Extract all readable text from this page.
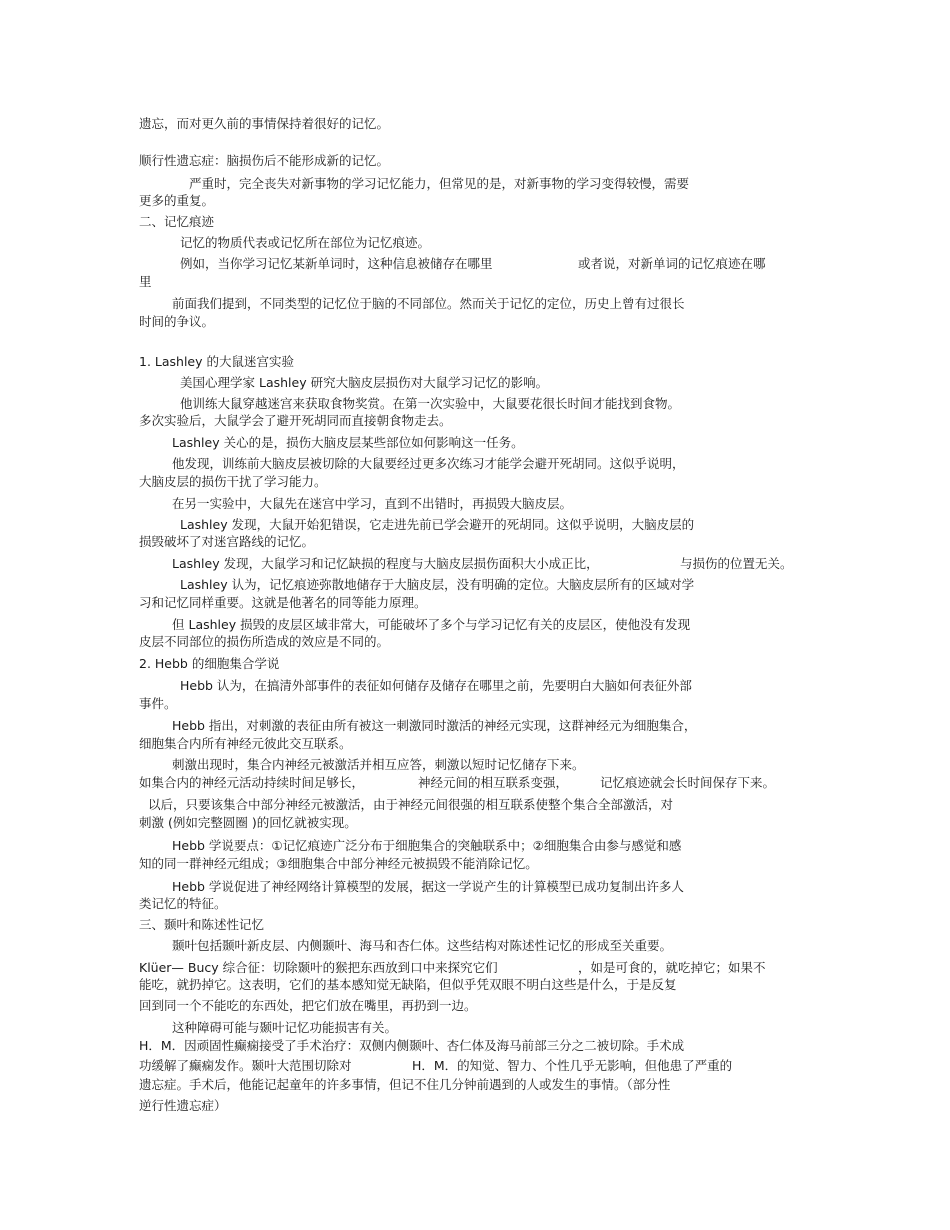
遗忘，而对更久前的事情保持着很好的记忆。
顺行性遗忘症：脑损伤后不能形成新的记忆。
严重时，完全丧失对新事物的学习记忆能力，但常见的是，对新事物的学习变得较慢，需要
更多的重复。
二、记忆痕迹
记忆的物质代表或记忆所在部位为记忆痕迹。
例如，当你学习记忆某新单词时，这种信息被储存在哪里	或者说，对新单词的记忆痕迹在哪
里
前面我们提到，不同类型的记忆位于脑的不同部位。然而关于记忆的定位，历史上曾有过很长
时间的争议。
1. Lashley 的大鼠迷宫实验
美国心理学家 Lashley 研究大脑皮层损伤对大鼠学习记忆的影响。
他训练大鼠穿越迷宫来获取食物奖赏。在第一次实验中，大鼠要花很长时间才能找到食物。
多次实验后，大鼠学会了避开死胡同而直接朝食物走去。
Lashley 关心的是，损伤大脑皮层某些部位如何影响这一任务。
他发现，训练前大脑皮层被切除的大鼠要经过更多次练习才能学会避开死胡同。这似乎说明，
大脑皮层的损伤干扰了学习能力。
在另一实验中，大鼠先在迷宫中学习，直到不出错时，再损毁大脑皮层。
Lashley 发现，大鼠开始犯错误，它走进先前已学会避开的死胡同。这似乎说明，大脑皮层的
损毁破坏了对迷宫路线的记忆。
Lashley 发现，大鼠学习和记忆缺损的程度与大脑皮层损伤面积大小成正比，	与损伤的位置无关。
Lashley 认为，记忆痕迹弥散地储存于大脑皮层，没有明确的定位。大脑皮层所有的区域对学
习和记忆同样重要。这就是他著名的同等能力原理。
但 Lashley 损毁的皮层区域非常大，可能破坏了多个与学习记忆有关的皮层区，使他没有发现
皮层不同部位的损伤所造成的效应是不同的。
2. Hebb 的细胞集合学说
Hebb 认为，在搞清外部事件的表征如何储存及储存在哪里之前，先要明白大脑如何表征外部
事件。
Hebb 指出，对刺激的表征由所有被这一刺激同时激活的神经元实现，这群神经元为细胞集合，
细胞集合内所有神经元彼此交互联系。
刺激出现时，集合内神经元被激活并相互应答，刺激以短时记忆储存下来。
如集合内的神经元活动持续时间足够长，	神经元间的相互联系变强，	记忆痕迹就会长时间保存下来。
以后，只要该集合中部分神经元被激活，由于神经元间很强的相互联系使整个集合全部激活，对
刺激 (例如完整圆圈 )的回忆就被实现。
Hebb 学说要点：①记忆痕迹广泛分布于细胞集合的突触联系中；②细胞集合由参与感觉和感
知的同一群神经元组成；③细胞集合中部分神经元被损毁不能消除记忆。
Hebb 学说促进了神经网络计算模型的发展，据这一学说产生的计算模型已成功复制出许多人
类记忆的特征。
三、颞叶和陈述性记忆
颞叶包括颞叶新皮层、内侧颞叶、海马和杏仁体。这些结构对陈述性记忆的形成至关重要。
Klüer— Bucy 综合征：切除颞叶的猴把东西放到口中来探究它们	，如是可食的，就吃掉它；如果不
能吃，就扔掉它。这表明，它们的基本感知觉无缺陷，但似乎凭双眼不明白这些是什么，于是反复
回到同一个不能吃的东西处，把它们放在嘴里，再扔到一边。
这种障碍可能与颞叶记忆功能损害有关。
H．M．因顽固性癫痫接受了手术治疗：双侧内侧颞叶、杏仁体及海马前部三分之二被切除。手术成
功缓解了癫痫发作。颞叶大范围切除对	H．M．的知觉、智力、个性几乎无影响，但他患了严重的
遗忘症。手术后，他能记起童年的许多事情，但记不住几分钟前遇到的人或发生的事情。（部分性
逆行性遗忘症）
